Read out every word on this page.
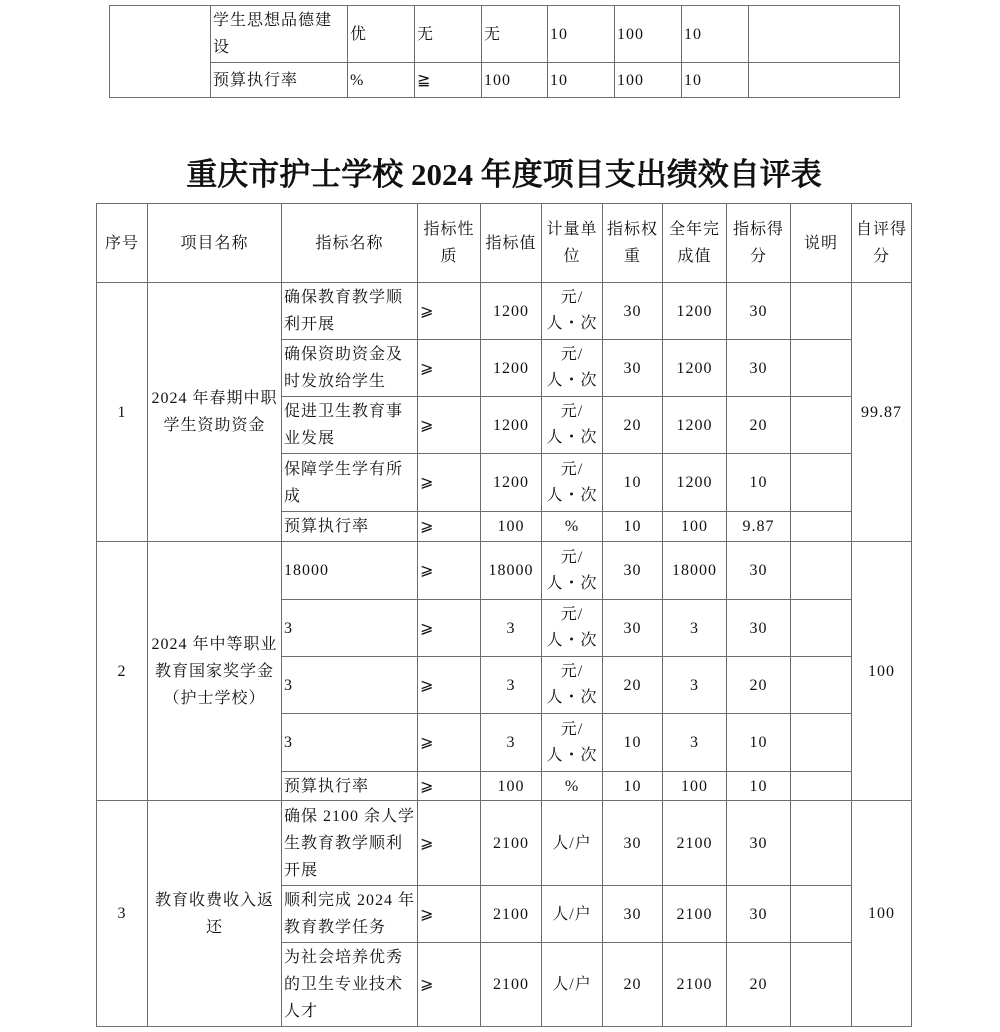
	学生思想品德建设	优	无	无	10	100	10	
	预算执行率	%	≧	100	10	100	10	
重庆市护士学校 2024 年度项目支出绩效自评表
序号	项目名称	指标名称	指标性质	指标值	计量单位	指标权重	全年完成值	指标得分	说明	自评得分
1	2024 年春期中职学生资助资金	确保教育教学顺利开展	⩾	1200	元/人・次	30	1200	30		99.87
		确保资助资金及时发放给学生	⩾	1200	元/人・次	30	1200	30		
		促进卫生教育事业发展	⩾	1200	元/人・次	20	1200	20		
		保障学生学有所成	⩾	1200	元/人・次	10	1200	10		
		预算执行率	⩾	100	%	10	100	9.87		
2	2024 年中等职业教育国家奖学金（护士学校）	18000	⩾	18000	元/人・次	30	18000	30		100
		3	⩾	3	元/人・次	30	3	30		
		3	⩾	3	元/人・次	20	3	20		
		3	⩾	3	元/人・次	10	3	10		
		预算执行率	⩾	100	%	10	100	10		
3	教育收费收入返还	确保 2100 余人学生教育教学顺利开展	⩾	2100	人/户	30	2100	30		100
		顺利完成 2024 年教育教学任务	⩾	2100	人/户	30	2100	30		
		为社会培养优秀的卫生专业技术人才	⩾	2100	人/户	20	2100	20		
